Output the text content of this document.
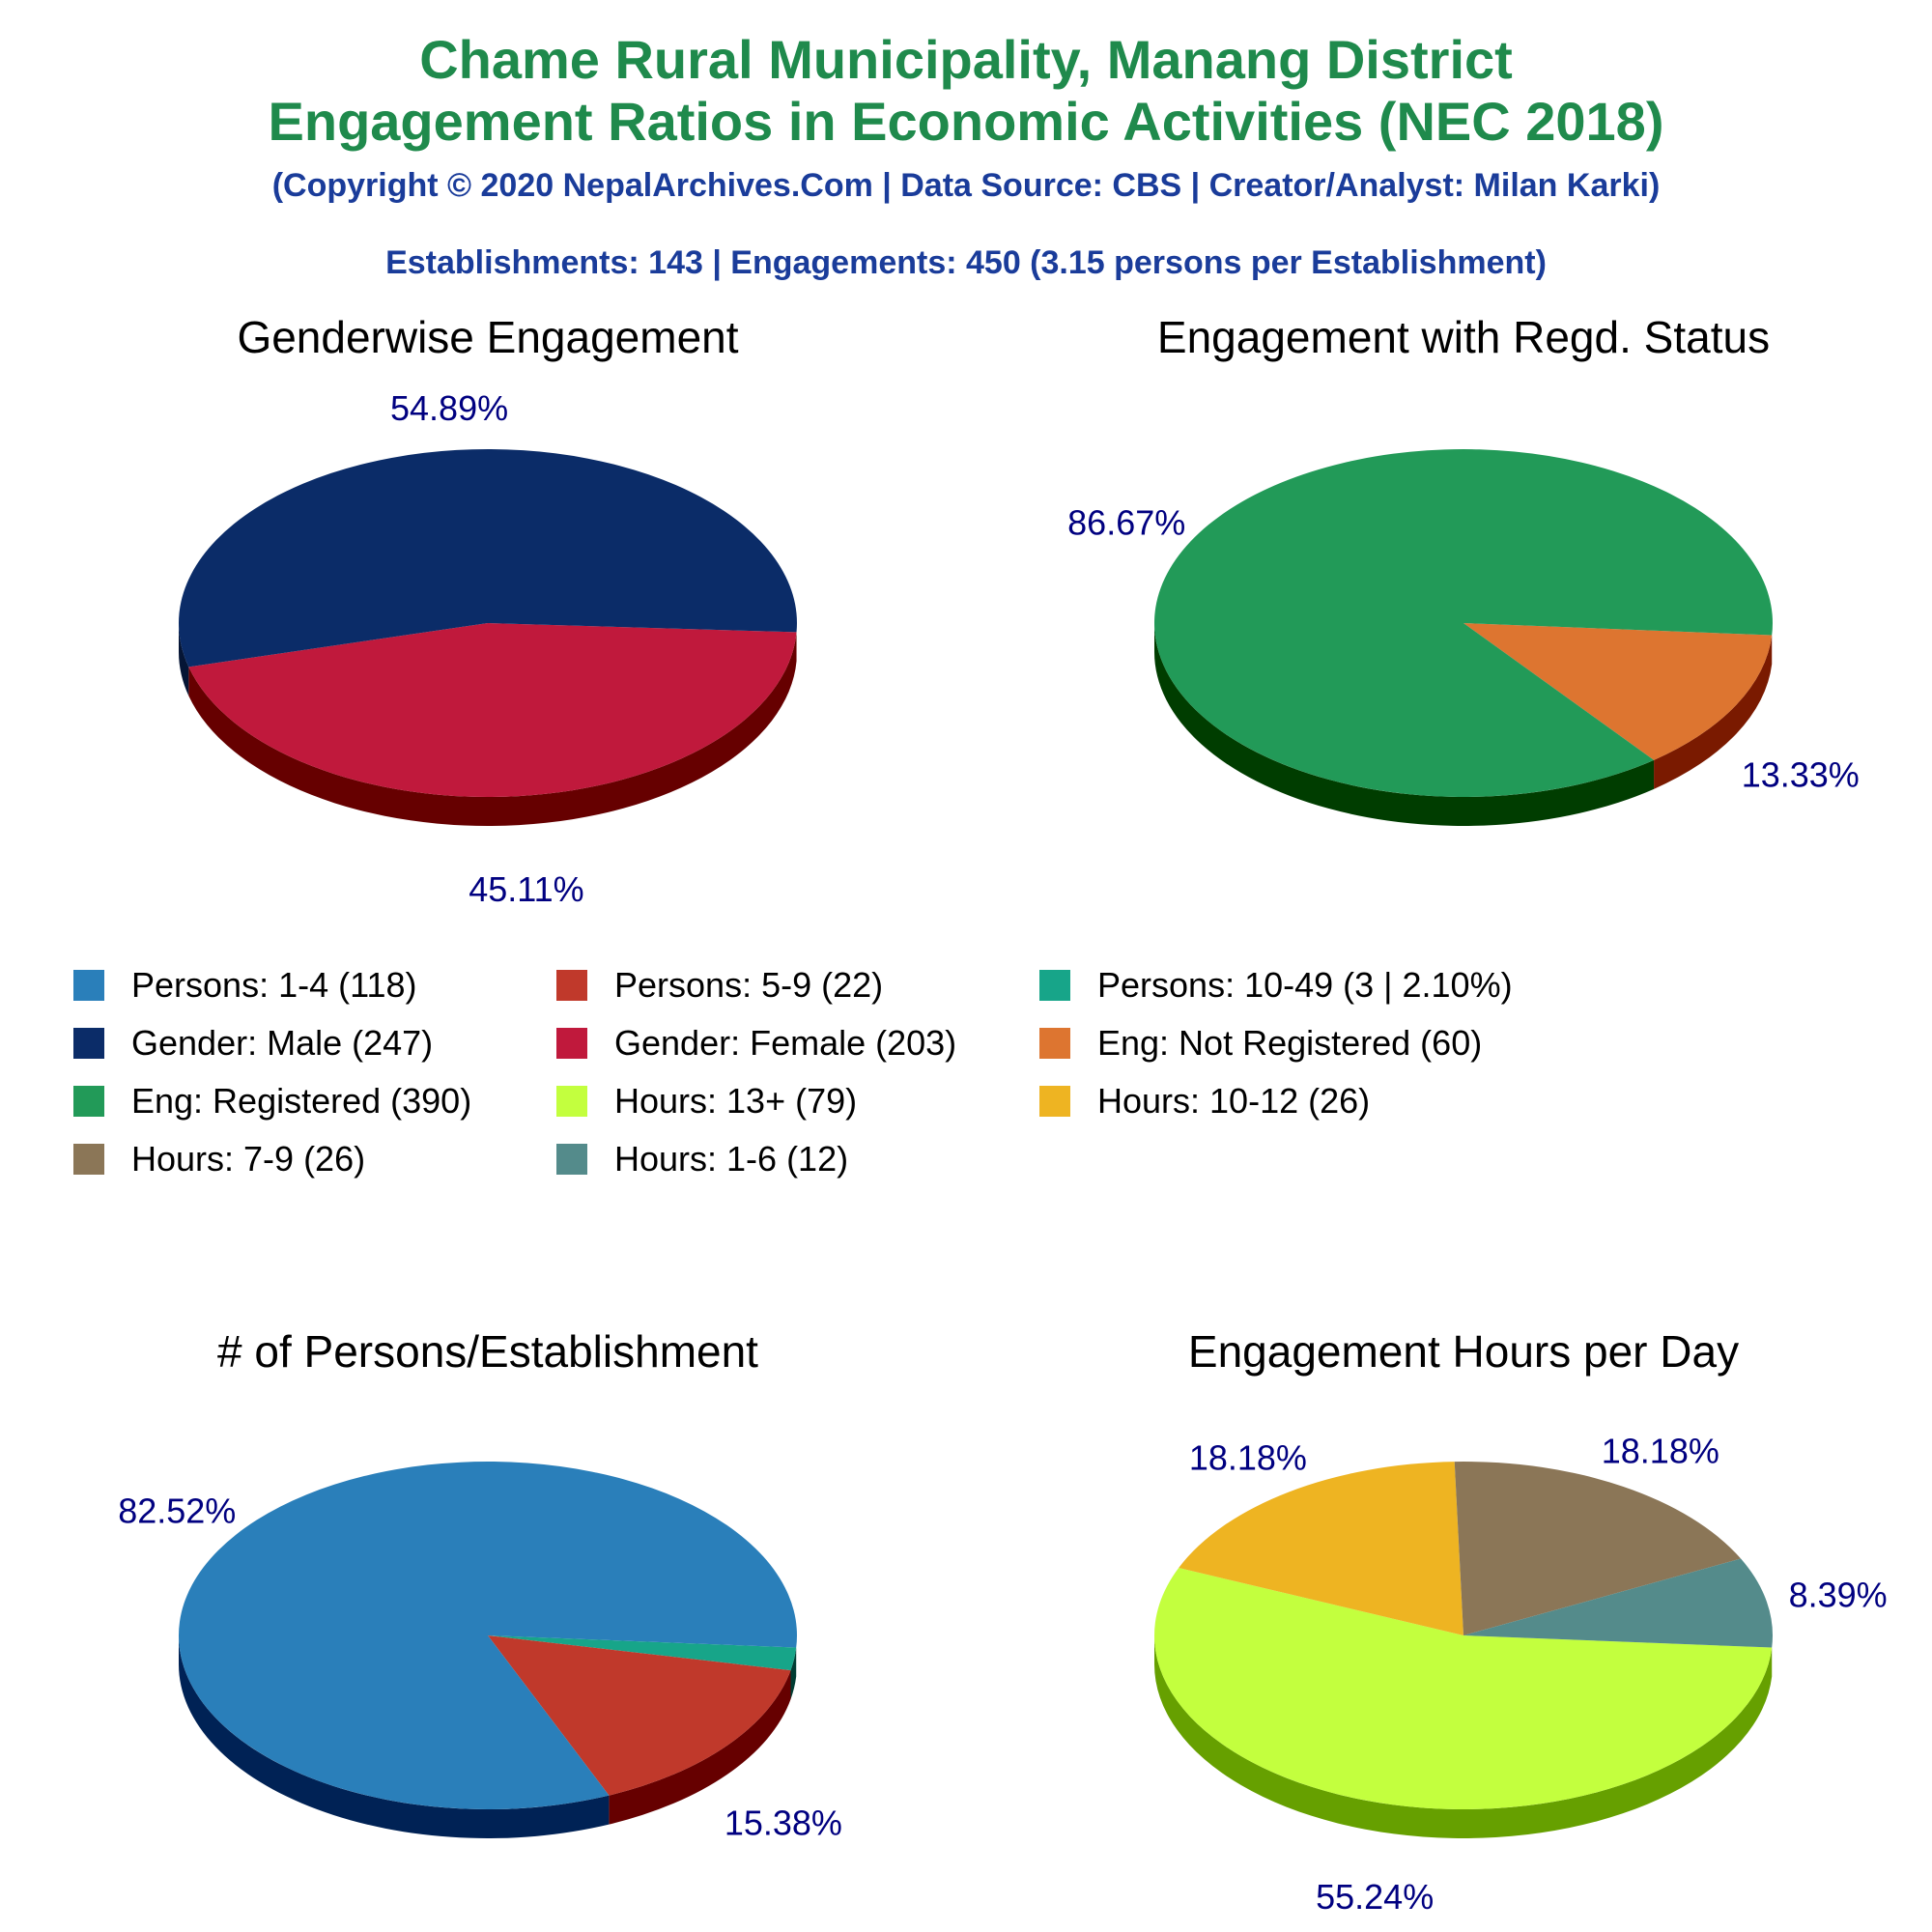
Chame Rural Municipality, Manang District
Engagement Ratios in Economic Activities (NEC 2018)
(Copyright © 2020 NepalArchives.Com | Data Source: CBS | Creator/Analyst: Milan Karki)
Establishments: 143 | Engagements: 450 (3.15 persons per Establishment)
Genderwise Engagement
45.11%
54.89%
Engagement with Regd. Status
13.33%
86.67%
# of Persons/Establishment
15.38%
82.52%
Engagement Hours per Day
55.24%
18.18%	18.18%
8.39%
Persons: 1-4 (118)	Persons: 5-9 (22)	Persons: 10-49 (3 | 2.10%)
Gender: Male (247)	Gender: Female (203)	Eng: Not Registered (60)
Eng: Registered (390)	Hours: 13+ (79)	Hours: 10-12 (26)
Hours: 7-9 (26)	Hours: 1-6 (12)
